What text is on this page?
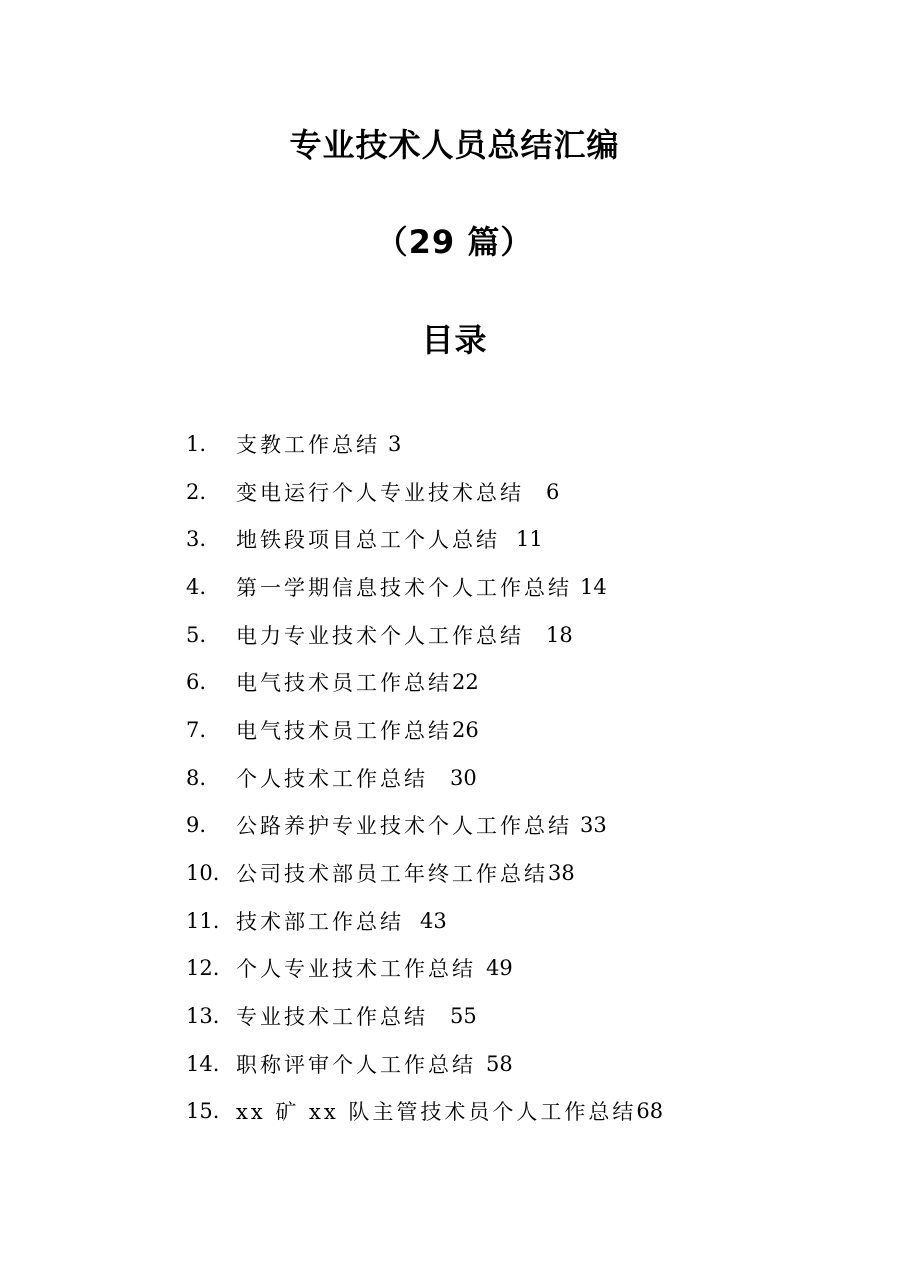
专业技术人员总结汇编
（29 篇）
目录
1.	支教工作总结 3
2.	变电运行个人专业技术总结 6
3.	地铁段项目总工个人总结 11
4.	第一学期信息技术个人工作总结 14
5.	电力专业技术个人工作总结 18
6.	电气技术员工作总结 22
7.	电气技术员工作总结 26
8.	个人技术工作总结 30
9.	公路养护专业技术个人工作总结 33
10. 公司技术部员工年终工作总结 38
11. 技术部工作总结 43
12. 个人专业技术工作总结 49
13. 专业技术工作总结 55
14. 职称评审个人工作总结 58
15. xx 矿 xx 队主管技术员个人工作总结 68
